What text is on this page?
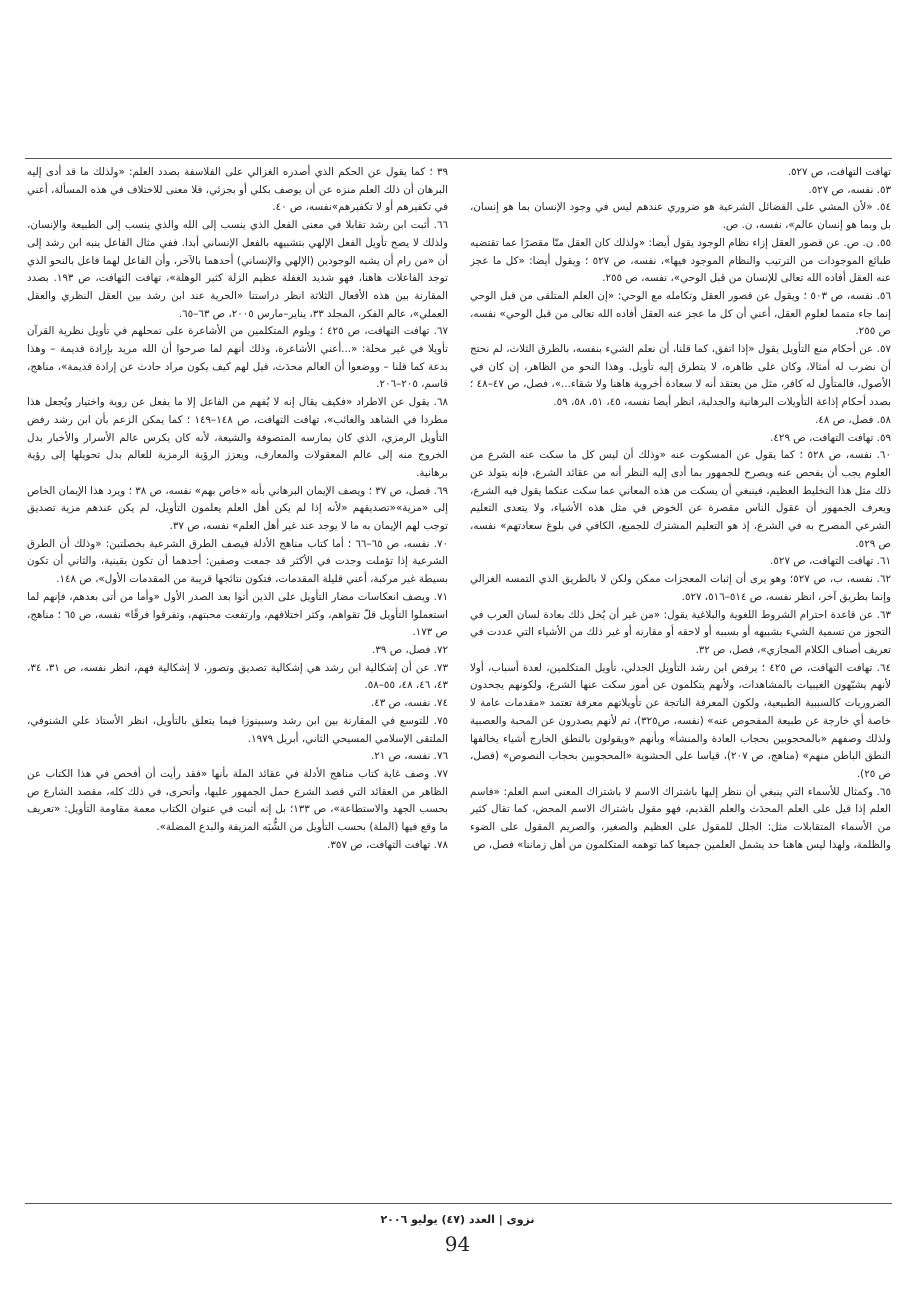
تهافت التهافت، ص ٥٢٧.

٥٣. نفسه، ص ٥٢٧.

٥٤. «لأن المشي على الفضائل الشرعية هو ضروري عندهم ليس في وجود الإنسان بما هو إنسان، بل وبما هو إنسان عالم»، نفسه، ن. ص.

٥٥. ن. ص. عن قصور العقل إزاء نظام الوجود يقول أيضا: «ولذلك كان العقل منّا مقصرًا عما تقتضيه طبائع الموجودات من الترتيب والنظام الموجود فيها»، نفسه، ص ٥٢٧ ؛ ويقول أيضا: «كل ما عجز عنه العقل أفاده الله تعالى للإنسان من قبل الوحي»، نفسه، ص ٢٥٥.

٥٦. نفسه، ص ٥٠٣ ؛ ويقول عن قصور العقل وتكامله مع الوحي: «إن العلم المتلقى من قبل الوحي إنما جاء متمما لعلوم العقل، أعني أن كل ما عجز عنه العقل أفاده الله تعالى من قبل الوحي» نفسه، ص ٢٥٥.

٥٧. عن أحكام منع التأويل يقول «إذا اتفق، كما قلنا، أن نعلم الشيء بنفسه، بالطرق الثلاث، لم نحتج أن نضرب له أمثالا، وكان على ظاهره، لا يتطرق إليه تأويل. وهذا النحو من الظاهر، إن كان في الأصول، فالمتأول له كافر، مثل من يعتقد أنه لا سعادة أخروية هاهنا ولا شقاء...»، فصل، ص ٤٧–٤٨ ؛ بصدد أحكام إذاعة التأويلات البرهانية والجدلية، انظر أيضا نفسه، ٤٥، ٥١، ٥٨، ٥٩.

٥٨. فصل، ص ٤٨.

٥٩. تهافت التهافت، ص ٤٢٩.

٦٠. نفسه، ص ٥٢٨ ؛ كما يقول عن المسكوت عنه «وذلك أن ليس كل ما سكت عنه الشرع من العلوم يجب أن يفحص عنه ويصرح للجمهور بما أدى إليه النظر أنه من عقائد الشرع، فإنه يتولد عن ذلك مثل هذا التخليط العظيم، فينبغي أن يسكت من هذه المعاني عما سكت عنكما يقول فيه الشرع، ويعرف الجمهور أن عقول الناس مقصرة عن الخوض في مثل هذه الأشياء، ولا يتعدى التعليم الشرعي المصرح به في الشرع، إذ هو التعليم المشترك للجميع، الكافي في بلوغ سعادتهم» نفسه، ص ٥٢٩.

٦١. تهافت التهافت، ص ٥٢٧.

٦٢. نفسه، ب، ص ٥٢٧؛ وهو يرى أن إثبات المعجزات ممكن ولكن لا بالطريق الذي التمسه الغزالي وإنما بطريق آخر، انظر نفسه، ص ٥١٤–٥١٦، ٥٢٧.

٦٣. عن قاعدة احترام الشروط اللغوية والبلاغية يقول: «من غير أن يُخل ذلك بعادة لسان العرب في التجوز من تسمية الشيء بشبيهه أو بسببه أو لاحقه أو مقارنه أو غير ذلك من الأشياء التي عددت في تعريف أصناف الكلام المجازي»، فصل، ص ٣٢.

٦٤. تهافت التهافت، ص ٤٢٥ ؛ يرفض ابن رشد التأويل الجدلي، تأويل المتكلمين، لعدة أسباب، أولا لأنهم يشبّهون الغيبيات بالمشاهدات، ولأنهم يتكلمون عن أمور سكت عنها الشرع، ولكونهم يجحدون الضروريات كالسببية الطبيعية، ولكون المعرفة الناتجة عن تأويلاتهم معرفة تعتمد «مقدمات عامة لا خاصة أي خارجة عن طبيعة المفحوص عنه» (نفسه، ص٣٢٥)، ثم لأنهم يصدرون عن المحبة والعصبية ولذلك وصفهم «بالمحجوبين بحجاب العادة والمنشأ» وبأنهم «ويقولون بالنطق الخارج أشياء يخالفها النطق الباطن منهم» (مناهج، ص ٢٠٧)، قياسا على الحشوية «المحجوبين بحجاب النصوص» (فصل، ص ٢٥).

٦٥. وكمثال للأسماء التي ينبغي أن ننظر إليها باشتراك الاسم لا باشتراك المعنى اسم العلم: «فاسم العلم إذا قيل على العلم المحدَث والعلم القديم، فهو مقول باشتراك الاسم المحض، كما تقال كثير من الأسماء المتقابلات مثل: الجلل للمقول على العظيم والصغير، والصريم المقول على الضوء والظلمة، ولهذا ليس هاهنا حد يشمل العلمين جميعا كما توهمه المتكلمون من أهل زماننا» فصل، ص

٣٩ ؛ كما يقول عن الحكم الذي أصدره الغزالي على الفلاسفة بصدد العلم: «ولذلك ما قد أدى إليه البرهان أن ذلك العلم منزه عن أن يوصف بكلي أو بجزئي، فلا معنى للاختلاف في هذه المسألة، أعني في تكفيرهم أو لا تكفيرهم»نفسه، ص ٤٠.

٦٦. أثبت ابن رشد تقابلا في معنى الفعل الذي ينسب إلى الله والذي ينسب إلى الطبيعة والإنسان، ولذلك لا يصح تأويل الفعل الإلهي بتشبيهه بالفعل الإنساني أبدا. ففي مثال الفاعل ينبه ابن رشد إلى أن «من رام أن يشبه الوجودين (الإلهي والإنساني) أحدهما بالآخر، وأن الفاعل لهما فاعل بالنحو الذي توجد الفاعلات هاهنا، فهو شديد الغفلة عظيم الزلة كثير الوهلة»، تهافت التهافت، ص ١٩٣. بصدد المقارنة بين هذه الأفعال الثلاثة انظر دراستنا «الحرية عند ابن رشد بين العقل النظري والعقل العملي»، عالم الفكر، المجلد ٣٣، يناير–مارس ٢٠٠٥، ص ٦٣–٦٥.

٦٧. تهافت التهافت، ص ٤٢٥ ؛ ويلوم المتكلمين من الأشاعرة على تمحلهم في تأويل نظرية القرآن تأويلا في غير محلة: «...أعني الأشاعرة، وذلك أنهم لما صرحوا أن الله مريد بإرادة قديمة – وهذا بدعة كما قلنا – ووضعوا أن العالم محدَث، قيل لهم كيف يكون مراد حادث عن إرادة قديمة»، مناهج، قاسم، ٢٠٥–٢٠٦.

٦٨. يقول عن الاطراد «فكيف يقال إنه لا يُفهم من الفاعل إلا ما يفعل عن روية واختيار ويُجعل هذا مطردا في الشاهد والغائب»، تهافت التهافت، ص ١٤٨–١٤٩ ؛ كما يمكن الزعم بأن ابن رشد رفض التأويل الرمزي، الذي كان يمارسه المتصوفة والشيعة، لأنه كان يكرس عالم الأسرار والأخبار بدل الخروج منه إلى عالم المعقولات والمعارف، ويعزز الرؤية الرمزية للعالم بدل تحويلها إلى رؤية برهانية.

٦٩. فصل، ص ٣٧ ؛ ويصف الإيمان البرهاني بأنه «خاص بهم» نفسه، ص ٣٨ ؛ ويرد هذا الإيمان الخاص إلى «مزية»«تصديقهم «لأنه إذا لم يكن أهل العلم يعلمون التأويل، لم يكن عندهم مزية تصديق توجب لهم الإيمان به ما لا يوجد عند غير أهل العلم» نفسه، ص ٣٧.

٧٠. نفسه، ص ٦٥–٦٦ ؛ أما كتاب مناهج الأدلة فيصف الطرق الشرعية بخصلتين: «وذلك أن الطرق الشرعية إذا تؤملت وجدت في الأكثر قد جمعت وصفين: أحدهما أن تكون يقينية، والثاني أن تكون بسيطة غير مركبة، أعني قليلة المقدمات، فتكون نتائجها قريبة من المقدمات الأول»، ص ١٤٨.

٧١. ويصف انعكاسات مضار التأويل على الذين أتوا بعد الصدر الأول «وأما من أتى بعدهم، فإنهم لما استعملوا التأويل قلّ تقواهم، وكثر اختلافهم، وارتفعت محبتهم، وتفرقوا فرقًا» نفسه، ص ٦٥ ؛ مناهج، ص ١٧٣.

٧٢. فصل، ص ٣٩.

٧٣. عن أن إشكالية ابن رشد هي إشكالية تصديق وتصور، لا إشكالية فهم، انظر نفسه، ص ٣١، ٣٤، ٤٣، ٤٦، ٤٨، ٥٥–٥٨.

٧٤. نفسه، ص ٤٣.

٧٥. للتوسع في المقارنة بين ابن رشد وسبينوزا فيما يتعلق بالتأويل، انظر الأستاذ علي الشنوفي، الملتقى الإسلامي المسيحي الثاني، أبريل ١٩٧٩.

٧٦. نفسه، ص ٢١.

٧٧. وصف غاية كتاب مناهج الأدلة في عقائد الملة بأنها «فقد رأيت أن أفحص في هذا الكتاب عن الظاهر من العقائد التي قصد الشرع حمل الجمهور عليها، وأتحرى، في ذلك كله، مقصد الشارع ص بحسب الجهد والاستطاعة»، ص ١٣٣؛ بل إنه أثبت في عنوان الكتاب معمة مقاومة التأويل: «تعريف ما وقع فيها (الملة) بحسب التأويل من الشُّبَه المزيفة والبدع المضلة».

٧٨. تهافت التهافت، ص ٣٥٧.

نزوى | العدد (٤٧) يوليو ٢٠٠٦
94
